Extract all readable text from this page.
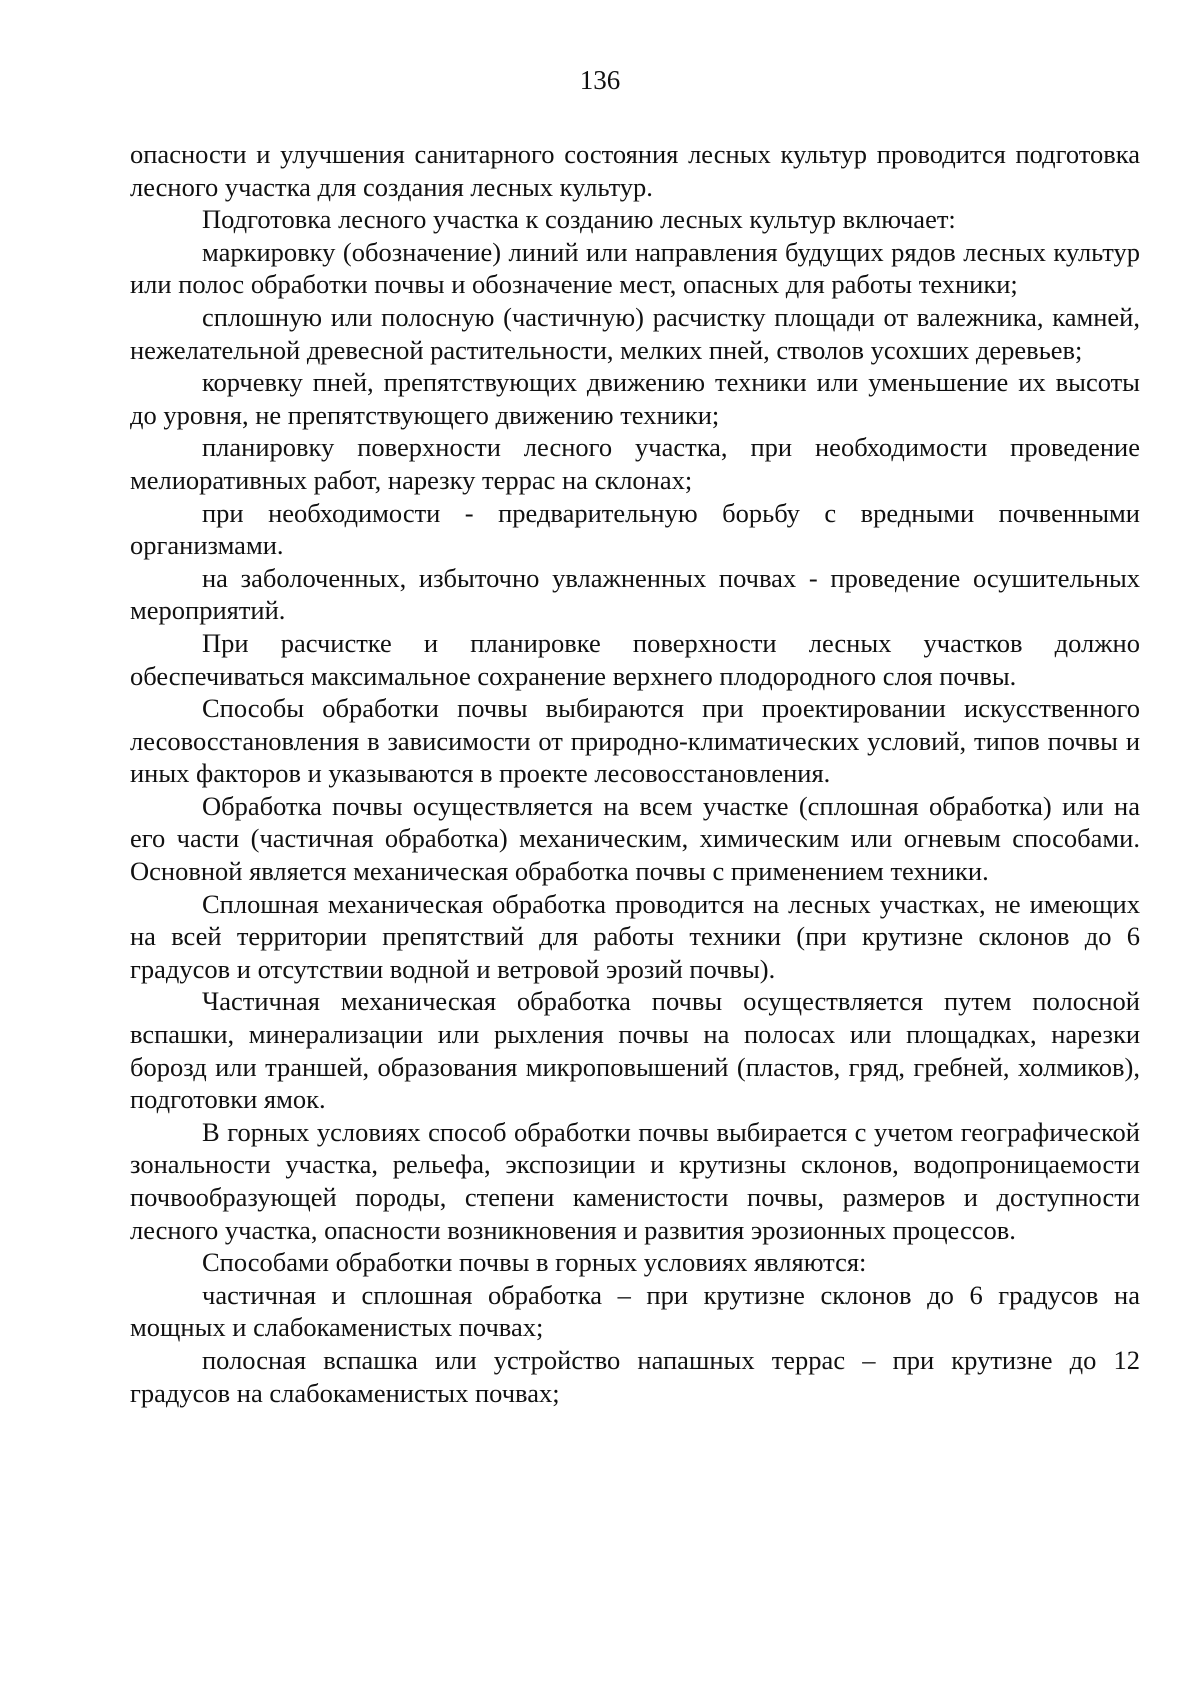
136

опасности и улучшения санитарного состояния лесных культур проводится подготовка лесного участка для создания лесных культур.

Подготовка лесного участка к созданию лесных культур включает:

маркировку (обозначение) линий или направления будущих рядов лесных культур или полос обработки почвы и обозначение мест, опасных для работы техники;

сплошную или полосную (частичную) расчистку площади от валежника, камней, нежелательной древесной растительности, мелких пней, стволов усохших деревьев;

корчевку пней, препятствующих движению техники или уменьшение их высоты до уровня, не препятствующего движению техники;

планировку поверхности лесного участка, при необходимости проведение мелиоративных работ, нарезку террас на склонах;

при необходимости - предварительную борьбу с вредными почвенными организмами.

на заболоченных, избыточно увлажненных почвах - проведение осушительных мероприятий.

При расчистке и планировке поверхности лесных участков должно обеспечиваться максимальное сохранение верхнего плодородного слоя почвы.

Способы обработки почвы выбираются при проектировании искусственного лесовосстановления в зависимости от природно-климатических условий, типов почвы и иных факторов и указываются в проекте лесовосстановления.

Обработка почвы осуществляется на всем участке (сплошная обработка) или на его части (частичная обработка) механическим, химическим или огневым способами. Основной является механическая обработка почвы с применением техники.

Сплошная механическая обработка проводится на лесных участках, не имеющих на всей территории препятствий для работы техники (при крутизне склонов до 6 градусов и отсутствии водной и ветровой эрозий почвы).

Частичная механическая обработка почвы осуществляется путем полосной вспашки, минерализации или рыхления почвы на полосах или площадках, нарезки борозд или траншей, образования микроповышений (пластов, гряд, гребней, холмиков), подготовки ямок.

В горных условиях способ обработки почвы выбирается с учетом географической зональности участка, рельефа, экспозиции и крутизны склонов, водопроницаемости почвообразующей породы, степени каменистости почвы, размеров и доступности лесного участка, опасности возникновения и развития эрозионных процессов.

Способами обработки почвы в горных условиях являются:

частичная и сплошная обработка – при крутизне склонов до 6 градусов на мощных и слабокаменистых почвах;

полосная вспашка или устройство напашных террас – при крутизне до 12 градусов на слабокаменистых почвах;
